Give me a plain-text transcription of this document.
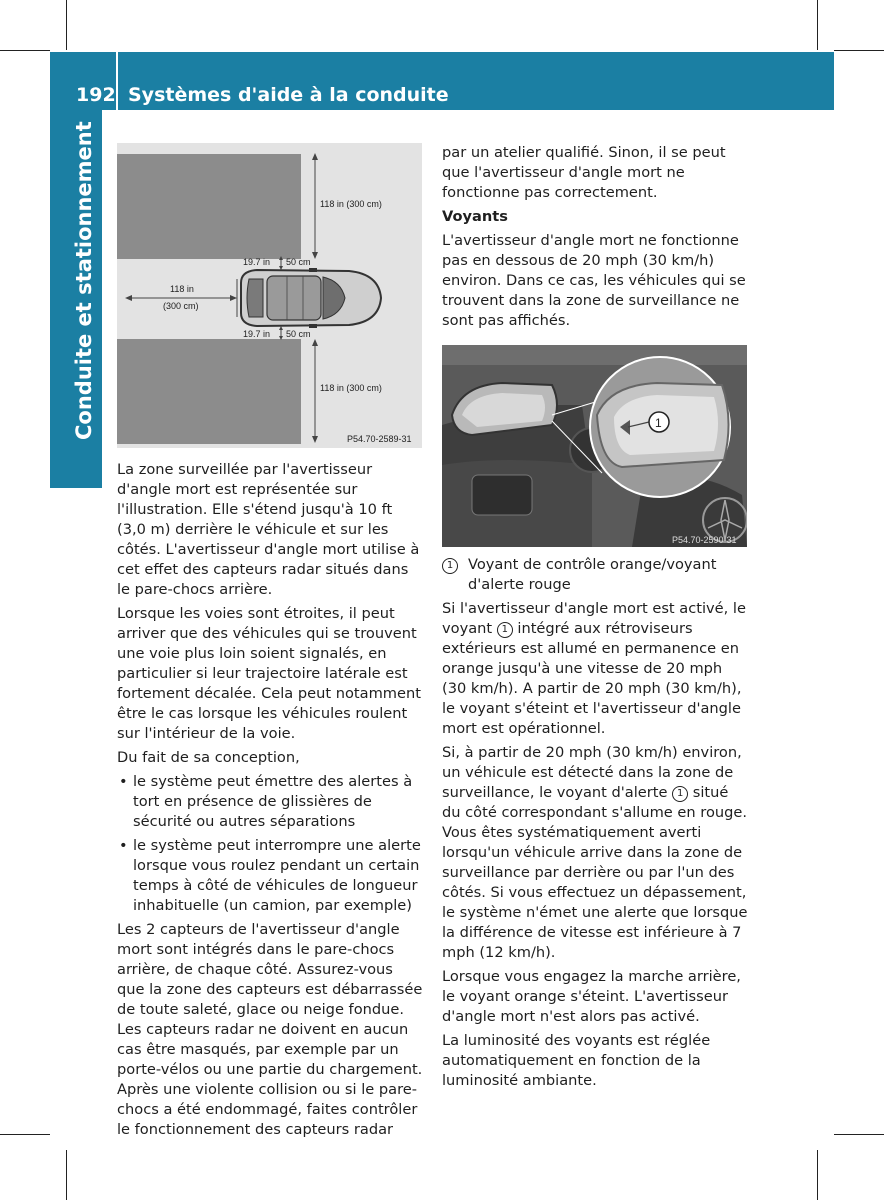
192 Systèmes d'aide à la conduite
Conduite et stationnement	118 in (300 cm)
19.7 in 50 cm
118 in
(300 cm)
19.7 in 50 cm
118 in (300 cm)
P54.70-2589-31
1
P54.70-2590-31

La zone surveillée par l'avertisseur d'angle mort est représentée sur l'illustration. Elle s'étend jusqu'à 10 ft (3,0 m) derrière le véhicule et sur les côtés. L'avertisseur d'angle mort utilise à cet effet des capteurs radar situés dans le pare-chocs arrière.

Lorsque les voies sont étroites, il peut arriver que des véhicules qui se trouvent une voie plus loin soient signalés, en particulier si leur trajectoire latérale est fortement décalée. Cela peut notamment être le cas lorsque les véhicules roulent sur l'intérieur de la voie.

Du fait de sa conception,

• le système peut émettre des alertes à tort en présence de glissières de sécurité ou autres séparations

• le système peut interrompre une alerte lorsque vous roulez pendant un certain temps à côté de véhicules de longueur inhabituelle (un camion, par exemple)

Les 2 capteurs de l'avertisseur d'angle mort sont intégrés dans le pare-chocs arrière, de chaque côté. Assurez-vous que la zone des capteurs est débarrassée de toute saleté, glace ou neige fondue. Les capteurs radar ne doivent en aucun cas être masqués, par exemple par un porte-vélos ou une partie du chargement. Après une violente collision ou si le pare-chocs a été endommagé, faites contrôler le fonctionnement des capteurs radar

par un atelier qualifié. Sinon, il se peut que l'avertisseur d'angle mort ne fonctionne pas correctement.

Voyants

L'avertisseur d'angle mort ne fonctionne pas en dessous de 20 mph (30 km/h) environ. Dans ce cas, les véhicules qui se trouvent dans la zone de surveillance ne sont pas affichés.

1	Voyant de contrôle orange/voyant d'alerte rouge

Si l'avertisseur d'angle mort est activé, le voyant 1 intégré aux rétroviseurs extérieurs est allumé en permanence en orange jusqu'à une vitesse de 20 mph (30 km/h). A partir de 20 mph (30 km/h), le voyant s'éteint et l'avertisseur d'angle mort est opérationnel.

Si, à partir de 20 mph (30 km/h) environ, un véhicule est détecté dans la zone de surveillance, le voyant d'alerte 1 situé du côté correspondant s'allume en rouge. Vous êtes systématiquement averti lorsqu'un véhicule arrive dans la zone de surveillance par derrière ou par l'un des côtés. Si vous effectuez un dépassement, le système n'émet une alerte que lorsque la différence de vitesse est inférieure à 7 mph (12 km/h).

Lorsque vous engagez la marche arrière, le voyant orange s'éteint. L'avertisseur d'angle mort n'est alors pas activé.

La luminosité des voyants est réglée automatiquement en fonction de la luminosité ambiante.
